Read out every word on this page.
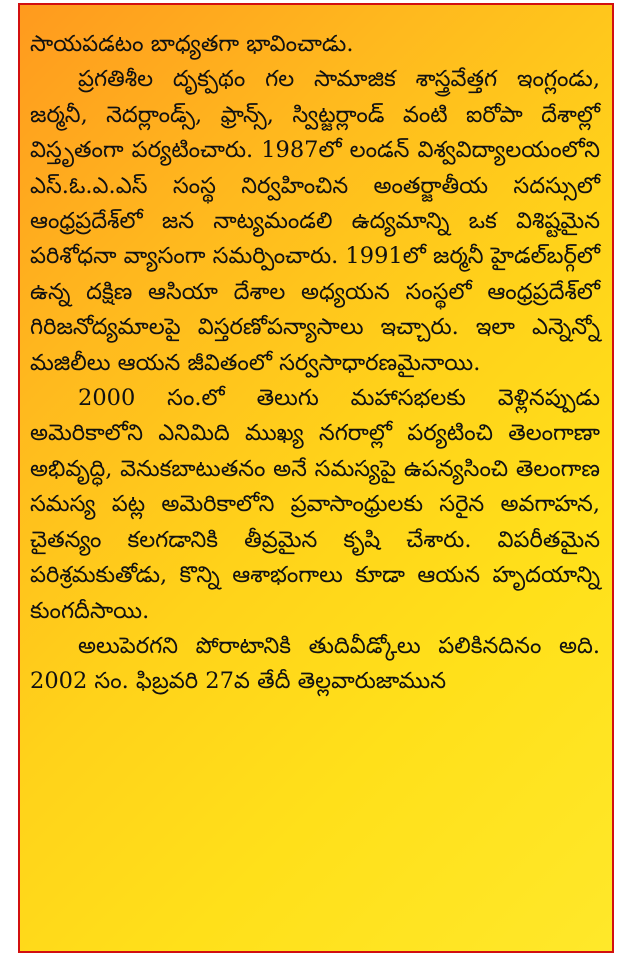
సాయపడటం బాధ్యతగా భావించాడు.

ప్రగతిశీల దృక్పథం గల సామాజిక శాస్త్రవేత్తగ ఇంగ్లండు, జర్మనీ, నెదర్లాండ్స్, ఫ్రాన్స్, స్విట్జర్లాండ్ వంటి ఐరోపా దేశాల్లో విస్తృతంగా పర్యటించారు. 1987లో లండన్ విశ్వవిద్యాలయంలోని ఎస్.ఓ.ఎ.ఎస్ సంస్థ నిర్వహించిన అంతర్జాతీయ సదస్సులో ఆంధ్రప్రదేశ్‌లో జన నాట్యమండలి ఉద్యమాన్ని ఒక విశిష్టమైన పరిశోధనా వ్యాసంగా సమర్పించారు. 1991లో జర్మనీ హైడల్‌బర్గ్‌లో ఉన్న దక్షిణ ఆసియా దేశాల అధ్యయన సంస్థలో ఆంధ్రప్రదేశ్‌లో గిరిజనోద్యమాలపై విస్తరణోపన్యాసాలు ఇచ్చారు. ఇలా ఎన్నెన్నో మజిలీలు ఆయన జీవితంలో సర్వసాధారణమైనాయి.

2000 సం.లో తెలుగు మహాసభలకు వెళ్లినప్పుడు అమెరికాలోని ఎనిమిది ముఖ్య నగరాల్లో పర్యటించి తెలంగాణా అభివృద్ధి, వెనుకబాటుతనం అనే సమస్యపై ఉపన్యసించి తెలంగాణ సమస్య పట్ల అమెరికాలోని ప్రవాసాంధ్రులకు సరైన అవగాహన, చైతన్యం కలగడానికి తీవ్రమైన కృషి చేశారు. విపరీతమైన పరిశ్రమకుతోడు, కొన్ని ఆశాభంగాలు కూడా ఆయన హృదయాన్ని కుంగదీసాయి.

అలుపెరగని పోరాటానికి తుదివీడ్కోలు పలికినదినం అది. 2002 సం. ఫిబ్రవరి 27వ తేదీ తెల్లవారుజామున
